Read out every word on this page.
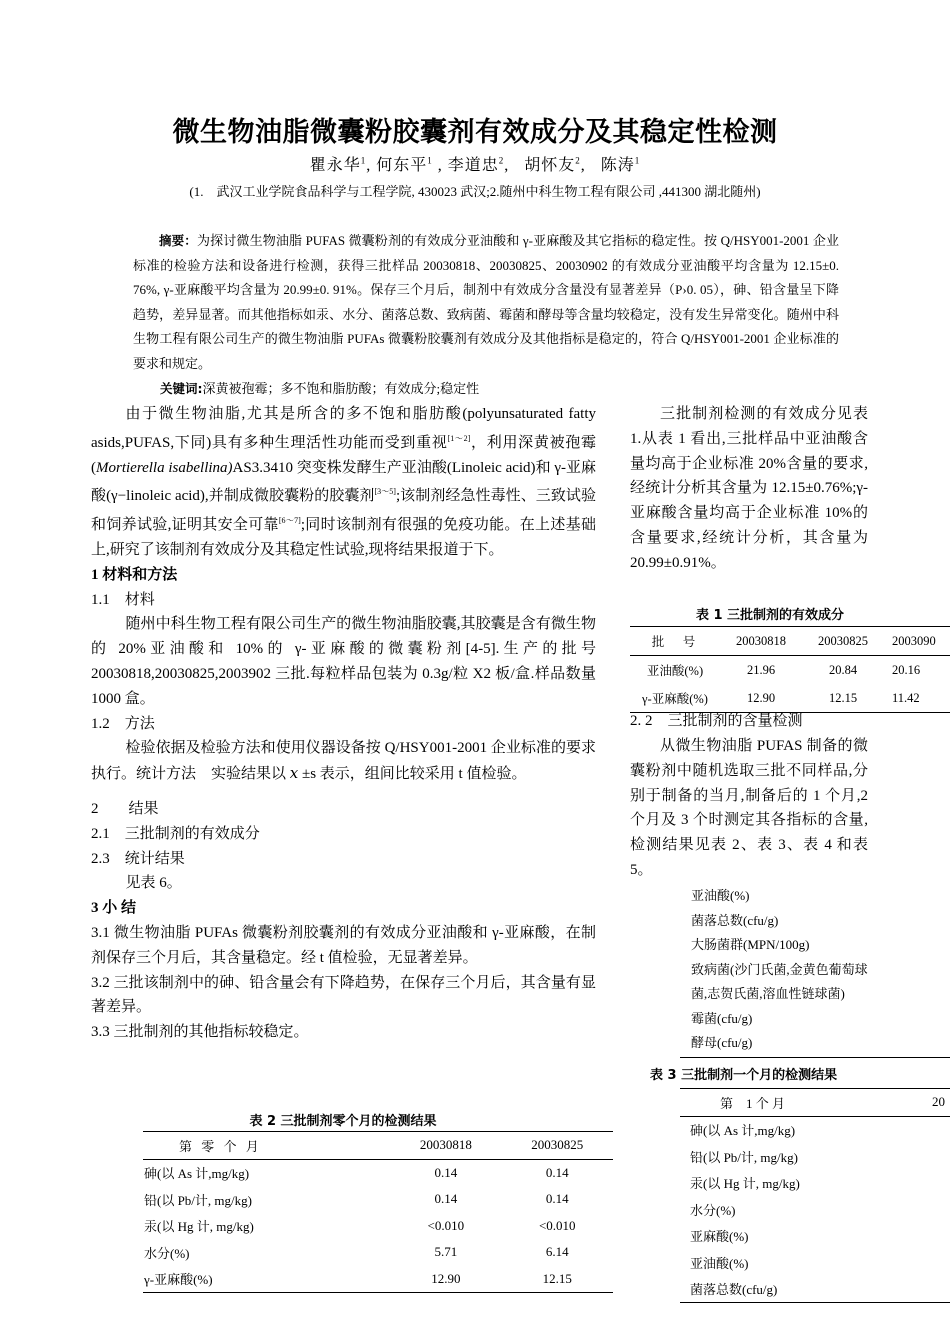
微生物油脂微囊粉胶囊剂有效成分及其稳定性检测
瞿永华$^1$, 何东平$^1$ , 李道忠$^2$,   胡怀友$^2$,   陈涛$^1$
(1.　武汉工业学院食品科学与工程学院, 430023 武汉;2.随州中科生物工程有限公司 ,441300 湖北随州)
摘要：为探讨微生物油脂 PUFAS 微囊粉剂的有效成分亚油酸和 γ-亚麻酸及其它指标的稳定性。按 Q/HSY001-2001 企业标准的检验方法和设备进行检测，获得三批样品 20030818、20030825、20030902 的有效成分亚油酸平均含量为 12.15±0. 76%, γ-亚麻酸平均含量为 20.99±0. 91%。保存三个月后，制剂中有效成分含量没有显著差异（P›0. 05），砷、铅含量呈下降趋势，差异显著。而其他指标如汞、水分、菌落总数、致病菌、霉菌和酵母等含量均较稳定，没有发生异常变化。随州中科生物工程有限公司生产的微生物油脂 PUFAs 微囊粉胶囊剂有效成分及其他指标是稳定的，符合 Q/HSY001-2001 企业标准的要求和规定。
关键词:深黄被孢霉；多不饱和脂肪酸；有效成分;稳定性
由于微生物油脂,尤其是所含的多不饱和脂肪酸(polyunsaturated fatty asids,PUFAS,下同)具有多种生理活性功能而受到重视[1～2]，利用深黄被孢霉(Mortierella isabellina)AS3.3410 突变株发酵生产亚油酸(Linoleic acid)和 γ-亚麻酸(γ−linoleic acid),并制成微胶囊粉的胶囊剂[3～5];该制剂经急性毒性、三致试验和饲养试验,证明其安全可靠[6～7];同时该制剂有很强的免疫功能。在上述基础上,研究了该制剂有效成分及其稳定性试验,现将结果报道于下。
1 材料和方法
1.1　材料
随州中科生物工程有限公司生产的微生物油脂胶囊,其胶囊是含有微生物的 20%亚油酸和 10%的 γ-亚麻酸的微囊粉剂[4-5].生产的批号 20030818,20030825,2003902 三批.每粒样品包装为 0.3g/粒 X2 板/盒.样品数量 1000 盒。
1.2　方法
检验依据及检验方法和使用仪器设备按 Q/HSY001-2001 企业标准的要求执行。统计方法　实验结果以 x ±s 表示，组间比较采用 t 值检验。
2　　结果
2.1　三批制剂的有效成分
2.3　统计结果
见表 6。
3 小 结
3.1 微生物油脂 PUFAs 微囊粉剂胶囊剂的有效成分亚油酸和 γ-亚麻酸，在制剂保存三个月后，其含量稳定。经 t 值检验，无显著差异。
3.2 三批该制剂中的砷、铅含量会有下降趋势，在保存三个月后，其含量有显著差异。
3.3 三批制剂的其他指标较稳定。
表 2 三批制剂零个月的检测结果
第 零 个 月	20030818	20030825
砷(以 As 计,mg/kg)	0.14	0.14
铅(以 Pb/计, mg/kg)	0.14	0.14
汞(以 Hg 计, mg/kg)	<0.010	<0.010
水分(%)	5.71	6.14
γ-亚麻酸(%)	12.90	12.15
三批制剂检测的有效成分见表 1.从表 1 看出,三批样品中亚油酸含量均高于企业标准 20%含量的要求,经统计分析其含量为 12.15±0.76%;γ-亚麻酸含量均高于企业标准 10%的含量要求,经统计分析，其含量为 20.99±0.91%。
表 1 三批制剂的有效成分
批　号	20030818	20030825	2003090
亚油酸(%)	21.96	20.84	20.16
γ-亚麻酸(%)	12.90	12.15	11.42
2. 2　三批制剂的含量检测
从微生物油脂 PUFAS 制备的微囊粉剂中随机选取三批不同样品,分别于制备的当月,制备后的 1 个月,2 个月及 3 个时测定其各指标的含量,检测结果见表 2、表 3、表 4 和表 5。
亚油酸(%)
菌落总数(cfu/g)
大肠菌群(MPN/100g)
致病菌(沙门氏菌,金黄色葡萄球
菌,志贺氏菌,溶血性链球菌)
霉菌(cfu/g)
酵母(cfu/g)
表 3 三批制剂一个月的检测结果
第　1 个 月	20
砷(以 As 计,mg/kg)	
铅(以 Pb/计, mg/kg)	
汞(以 Hg 计, mg/kg)	
水分(%)	
亚麻酸(%)	
亚油酸(%)	
菌落总数(cfu/g)	
